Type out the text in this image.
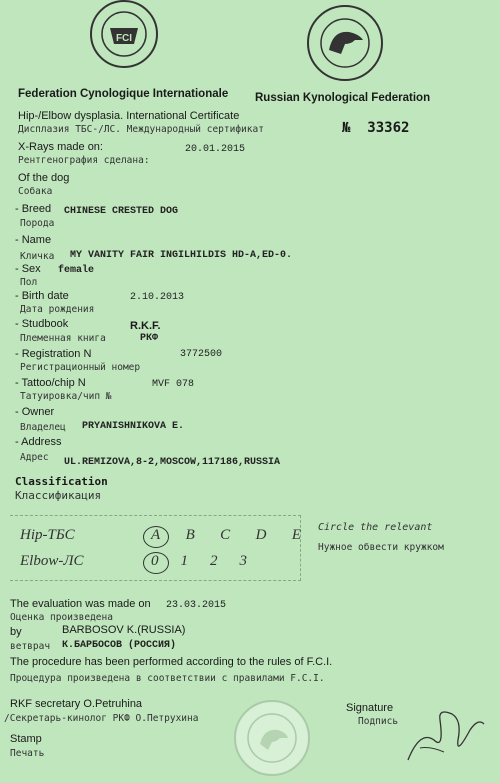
FCI
Federation Cynologique Internationale Russian Kynological Federation
Hip-/Elbow dysplasia. International Certificate
Дисплазия ТБС-/ЛС. Международный сертификат	№ 33362
X-Rays made on:	20.01.2015
Рентгенография сделана:
Of the dog
Собака
- Breed CHINESE CRESTED DOG
Порода
- Name
Кличка MY VANITY FAIR INGILHILDIS HD-A,ED-0.
- Sex female
Пол
- Birth date	2.10.2013
Дата рождения
- Studbook	R.K.F.
Племенная книга	РКФ
- Registration N	3772500
Регистрационный номер
- Tattoo/chip N	MVF 078
Татуировка/чип №
- Owner
Владелец PRYANISHNIKOVA E.
- Address
Адрес UL.REMIZOVA,8-2,MOSCOW,117186,RUSSIA
Classification
Классификация
Hip-ТБС	A B C D E
Elbow-ЛС	0 1 2 3
Circle the relevant
Нужное обвести кружком
The evaluation was made on 23.03.2015
Оценка произведена
by	BARBOSOV K.(RUSSIA)
ветврач К.БАРБОСОВ (РОССИЯ)
The procedure has been performed according to the rules of F.C.I.
Процедура произведена в соответствии с правилами F.C.I.
RKF secretary O.Petruhina
/Секретарь-кинолог РКФ О.Петрухина
Signature
Подпись
Stamp
Печать
